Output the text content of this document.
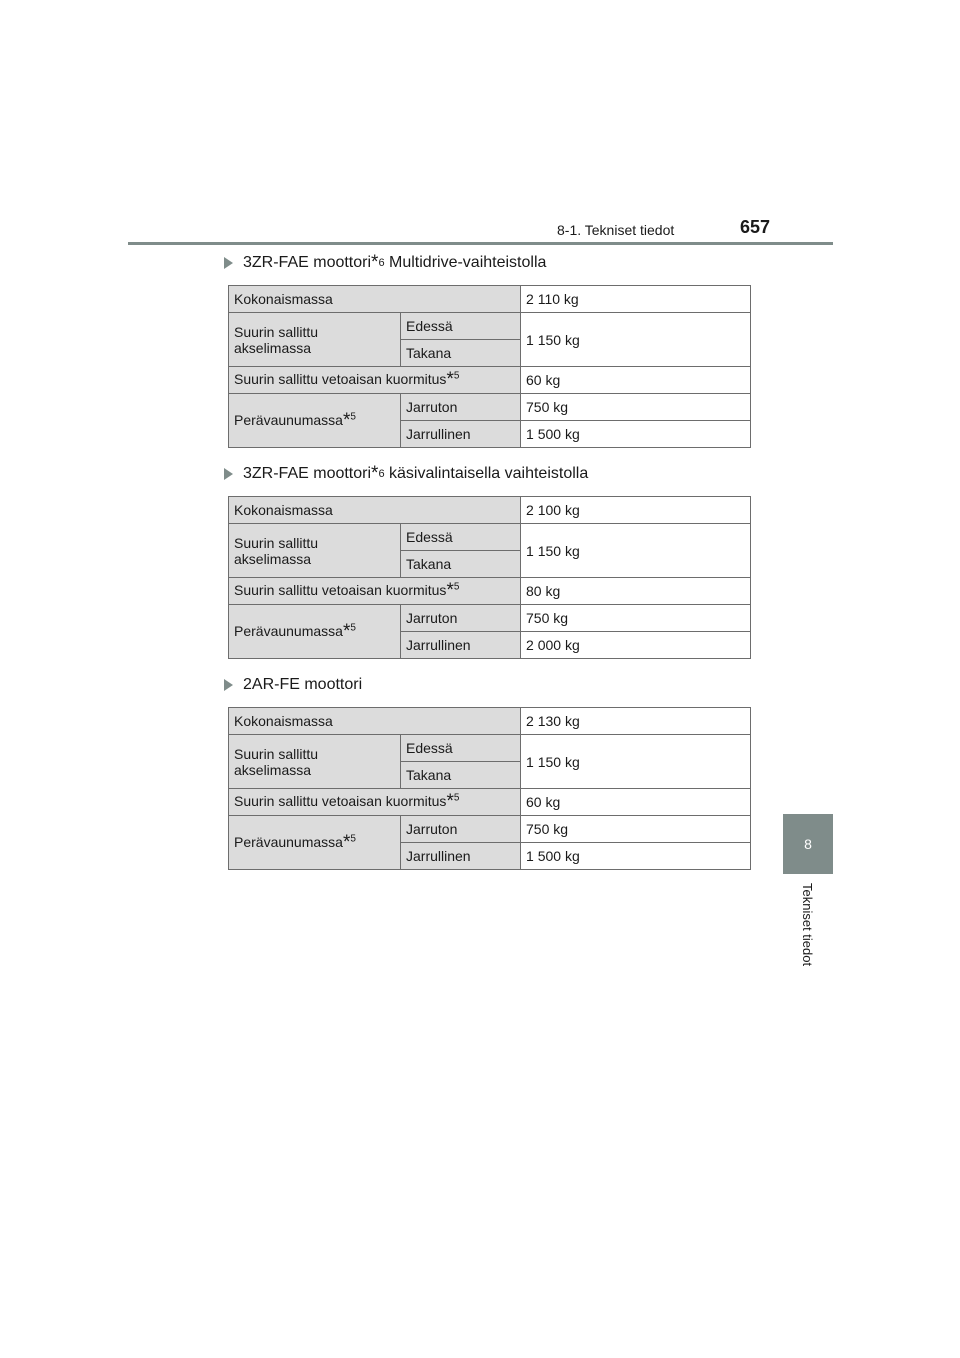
8-1. Tekniset tiedot	657
8
Tekniset tiedot
3ZR-FAE moottori * 6 Multidrive-vaihteistolla
Kokonaismassa		2 110 kg
Suurin sallittu akselimassa	Edessä	1 150 kg
	Takana	
Suurin sallittu vetoaisan kuormitus*$^5$		60 kg
Perävaunumassa*$^5$	Jarruton	750 kg
	Jarrullinen	1 500 kg
3ZR-FAE moottori * 6 käsivalintaisella vaihteistolla
Kokonaismassa		2 100 kg
Suurin sallittu akselimassa	Edessä	1 150 kg
	Takana	
Suurin sallittu vetoaisan kuormitus*$^5$		80 kg
Perävaunumassa*$^5$	Jarruton	750 kg
	Jarrullinen	2 000 kg
2AR-FE moottori
Kokonaismassa		2 130 kg
Suurin sallittu akselimassa	Edessä	1 150 kg
	Takana	
Suurin sallittu vetoaisan kuormitus*$^5$		60 kg
Perävaunumassa*$^5$	Jarruton	750 kg
	Jarrullinen	1 500 kg
